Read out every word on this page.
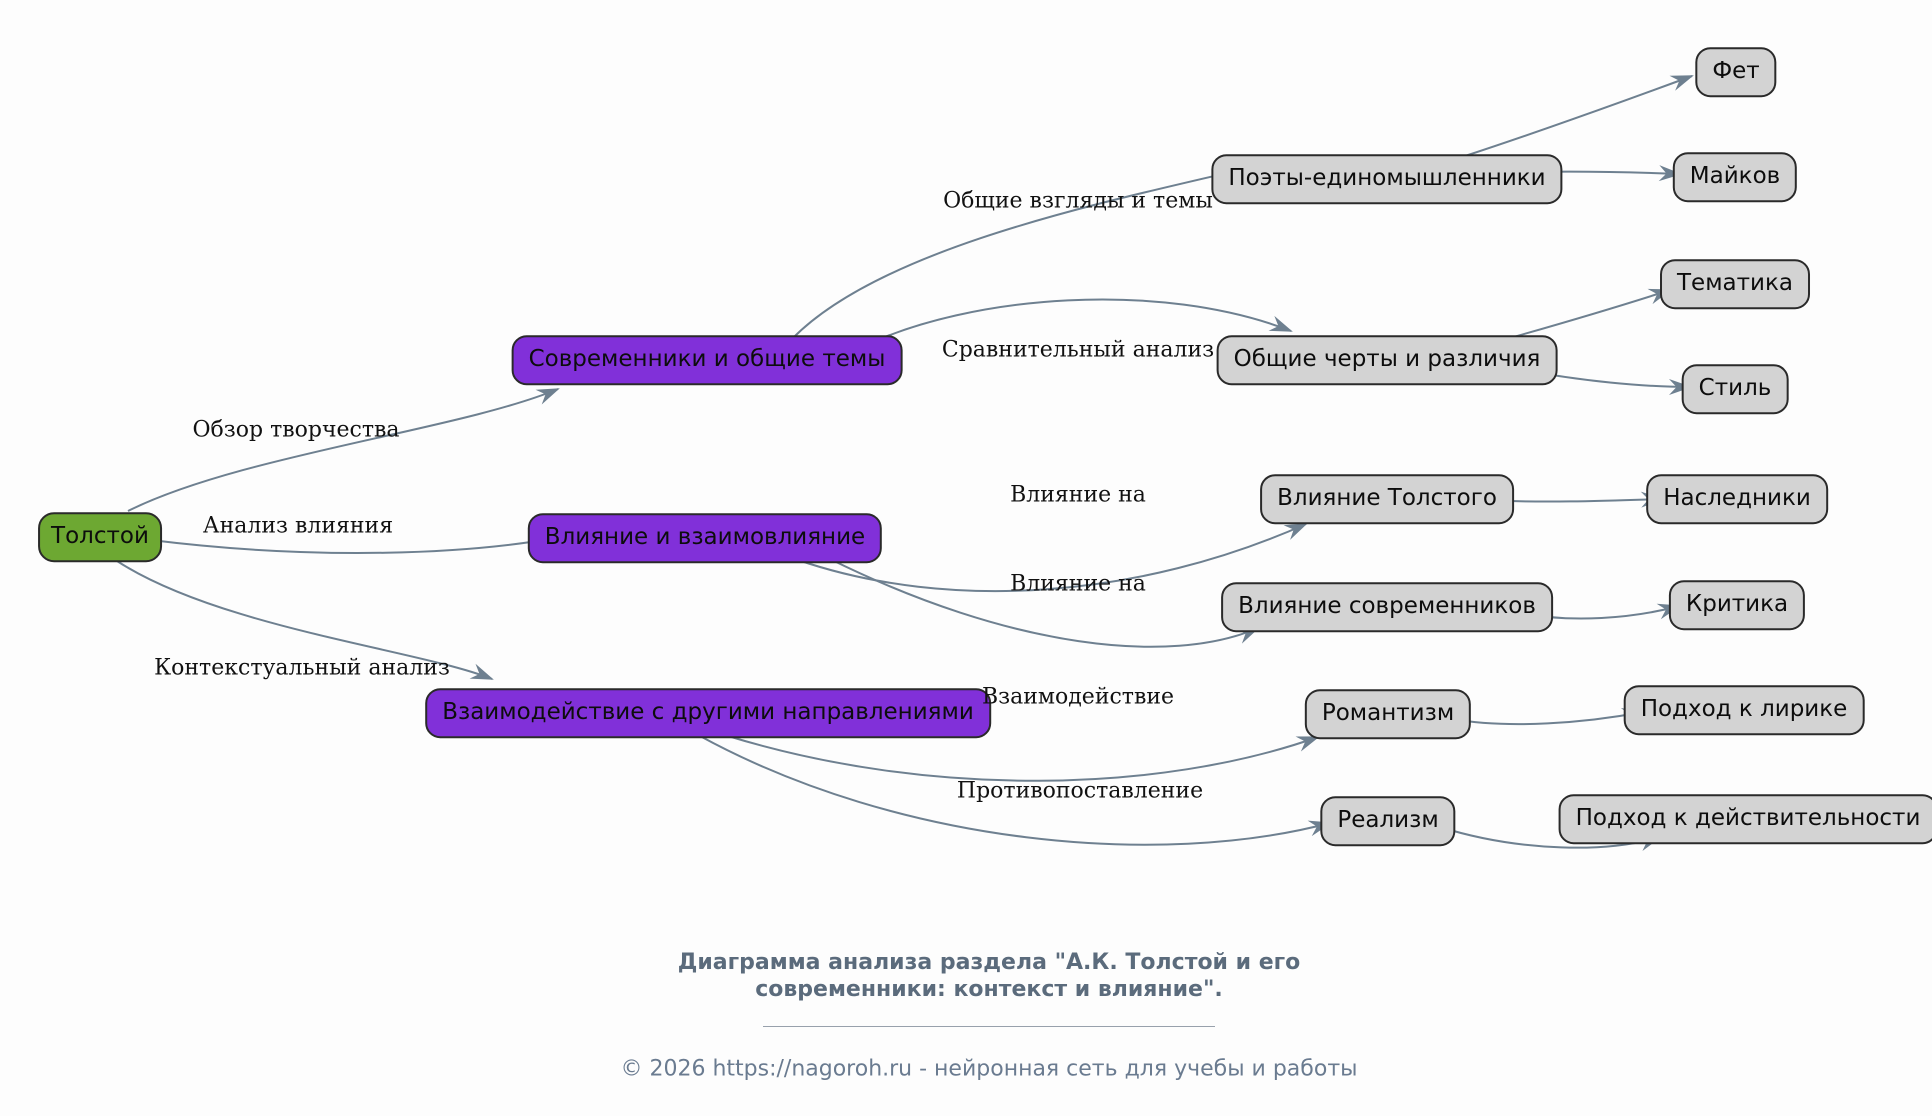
Толстой
Современники и общие темы
Влияние и взаимовлияние
Взаимодействие с другими направлениями
Поэты-единомышленники
Общие черты и различия
Влияние Толстого
Влияние современников
Романтизм
Реализм
Фет
Майков
Тематика
Стиль
Наследники
Критика
Подход к лирике
Подход к действительности
Обзор творчества
Анализ влияния
Контекстуальный анализ
Общие взгляды и темы
Сравнительный анализ
Влияние на
Влияние на
Взаимодействие
Противопоставление
Диаграмма анализа раздела "А.К. Толстой и его
современники: контекст и влияние".
© 2026 https://nagoroh.ru - нейронная сеть для учебы и работы
